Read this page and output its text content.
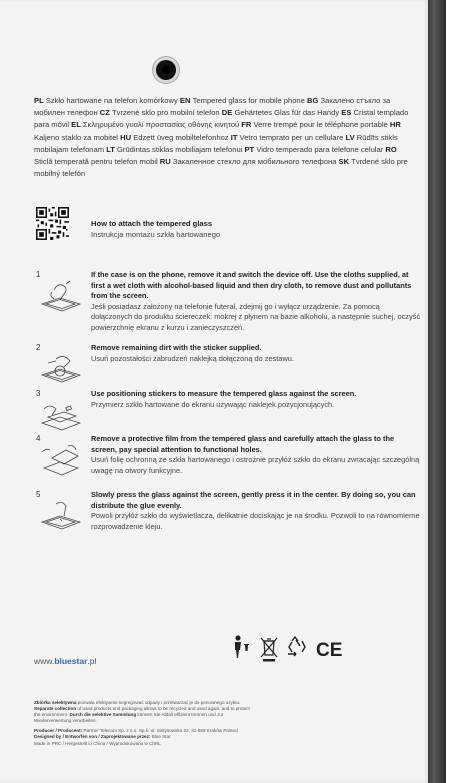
PL Szkło hartowane na telefon komórkowy EN Tempered glass for mobile phone BG Закалено стъкло за мобилен телефон CZ Tvrzené sklo pro mobilní telefon DE Gehärtetes Glas für das Handy ES Cristal templado para móvil EL Σκληρυμένο γυαλί προστασίας οθόνης κινητού FR Verre trempé pour le téléphone portable HR Kaljeno staklo za mobitel HU Edzett üveg mobiltelefonhoz IT Vetro temprato per un cellulare LV Rūdīts stikls mobilajam telefonam LT Grūdintas stiklas mobiliajam telefonui PT Vidro temperado para telefone celular RO Sticlă temperată pentru telefon mobil RU Закаленное стекло для мобильного телефона SK Tvrdené sklo pre mobilný telefón
How to attach the tempered glass
Instrukcja montażu szkła hartowanego
1	If the case is on the phone, remove it and switch the device off. Use the cloths supplied, at first a wet cloth with alcohol-based liquid and then dry cloth, to remove dust and pollutants from the screen.
Jeśli posiadasz założony na telefonie futerał, zdejmij go i wyłącz urządzenie. Za pomocą dołączonych do produktu ściereczek: mokrej z płynem na bazie alkoholu, a następnie suchej, oczyść powierzchnię ekranu z kurzu i zanieczyszczeń.
2	Remove remaining dirt with the sticker supplied.
Usuń pozostałości zabrudzeń naklejką dołączoną do zestawu.
3	Use positioning stickers to measure the tempered glass against the screen.
Przymierz szkło hartowane do ekranu używając naklejek pozycjonujących.
4	Remove a protective film from the tempered glass and carefully attach the glass to the screen, pay special attention to functional holes.
Usuń folię ochronną ze szkła hartowanego i ostrożnie przyłóż szkło do ekranu zwracając szczególną uwagę na otwory funkcyjne.
5	Slowly press the glass against the screen, gently press it in the center. By doing so, you can distribute the glue evenly.
Powoli przyłóż szkło do wyświetlacza, delikatnie dociskając je na środku. Pozwoli to na równomierne rozprowadzenie kleju.
www.bluestar.pl	CE

Zbiórka selektywna pozwala efektywnie segregować odpady i przetwarzać je do ponownego użytku. Separate collection of used products and packaging allows to be recycled and used again, and to protect the environment. Durch die selektive Sammlung können Sie Abfall effizient trennen und zur Wiederverwertung verarbeiten.

Producer / Producent: Partner Telecom Sp. z o.o. Sp.k. ul. Sołtysowska 22, 31-589 Kraków Poland
Designed by / Entworfen von / Zaprojektowane przez: Blue Star
Made in PRC / Hergestellt in China / Wyprodukowano w ChRL
